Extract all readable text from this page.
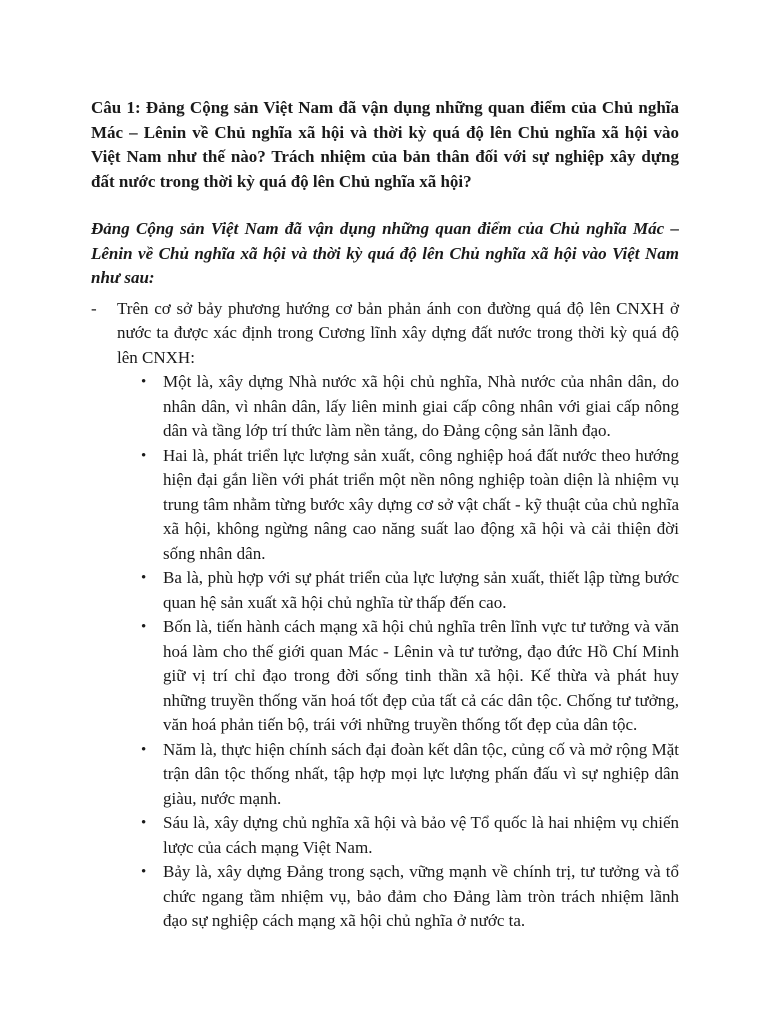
Câu 1: Đảng Cộng sản Việt Nam đã vận dụng những quan điểm của Chủ nghĩa Mác – Lênin về Chủ nghĩa xã hội và thời kỳ quá độ lên Chủ nghĩa xã hội vào Việt Nam như thế nào? Trách nhiệm của bản thân đối với sự nghiệp xây dựng đất nước trong thời kỳ quá độ lên Chủ nghĩa xã hội?

Đảng Cộng sản Việt Nam đã vận dụng những quan điểm của Chủ nghĩa Mác – Lênin về Chủ nghĩa xã hội và thời kỳ quá độ lên Chủ nghĩa xã hội vào Việt Nam như sau:

- Trên cơ sở bảy phương hướng cơ bản phản ánh con đường quá độ lên CNXH ở nước ta được xác định trong Cương lĩnh xây dựng đất nước trong thời kỳ quá độ lên CNXH:
• Một là, xây dựng Nhà nước xã hội chủ nghĩa, Nhà nước của nhân dân, do nhân dân, vì nhân dân, lấy liên minh giai cấp công nhân với giai cấp nông dân và tầng lớp trí thức làm nền tảng, do Đảng cộng sản lãnh đạo.
• Hai là, phát triển lực lượng sản xuất, công nghiệp hoá đất nước theo hướng hiện đại gắn liền với phát triển một nền nông nghiệp toàn diện là nhiệm vụ trung tâm nhằm từng bước xây dựng cơ sở vật chất - kỹ thuật của chủ nghĩa xã hội, không ngừng nâng cao năng suất lao động xã hội và cải thiện đời sống nhân dân.
• Ba là, phù hợp với sự phát triển của lực lượng sản xuất, thiết lập từng bước quan hệ sản xuất xã hội chủ nghĩa từ thấp đến cao.
• Bốn là, tiến hành cách mạng xã hội chủ nghĩa trên lĩnh vực tư tưởng và văn hoá làm cho thế giới quan Mác - Lênin và tư tưởng, đạo đức Hồ Chí Minh giữ vị trí chỉ đạo trong đời sống tinh thần xã hội. Kế thừa và phát huy những truyền thống văn hoá tốt đẹp của tất cả các dân tộc. Chống tư tưởng, văn hoá phản tiến bộ, trái với những truyền thống tốt đẹp của dân tộc.
• Năm là, thực hiện chính sách đại đoàn kết dân tộc, củng cố và mở rộng Mặt trận dân tộc thống nhất, tập hợp mọi lực lượng phấn đấu vì sự nghiệp dân giàu, nước mạnh.
• Sáu là, xây dựng chủ nghĩa xã hội và bảo vệ Tổ quốc là hai nhiệm vụ chiến lược của cách mạng Việt Nam.
• Bảy là, xây dựng Đảng trong sạch, vững mạnh về chính trị, tư tưởng và tổ chức ngang tầm nhiệm vụ, bảo đảm cho Đảng làm tròn trách nhiệm lãnh đạo sự nghiệp cách mạng xã hội chủ nghĩa ở nước ta.
